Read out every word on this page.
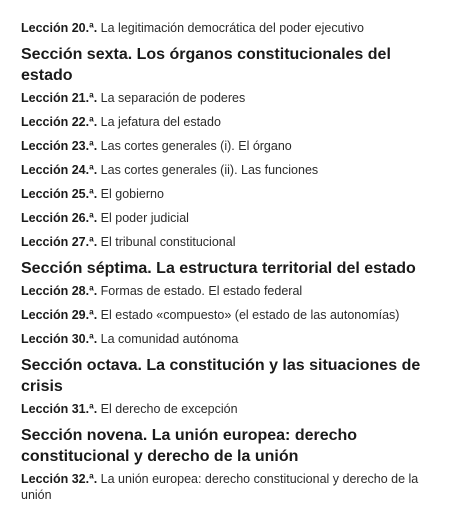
Lección 20.ª. La legitimación democrática del poder ejecutivo
Sección sexta. Los órganos constitucionales del estado
Lección 21.ª. La separación de poderes
Lección 22.ª. La jefatura del estado
Lección 23.ª. Las cortes generales (i). El órgano
Lección 24.ª. Las cortes generales (ii). Las funciones
Lección 25.ª. El gobierno
Lección 26.ª. El poder judicial
Lección 27.ª. El tribunal constitucional
Sección séptima. La estructura territorial del estado
Lección 28.ª. Formas de estado. El estado federal
Lección 29.ª. El estado «compuesto» (el estado de las autonomías)
Lección 30.ª. La comunidad autónoma
Sección octava. La constitución y las situaciones de crisis
Lección 31.ª. El derecho de excepción
Sección novena. La unión europea: derecho constitucional y derecho de la unión
Lección 32.ª. La unión europea: derecho constitucional y derecho de la unión
